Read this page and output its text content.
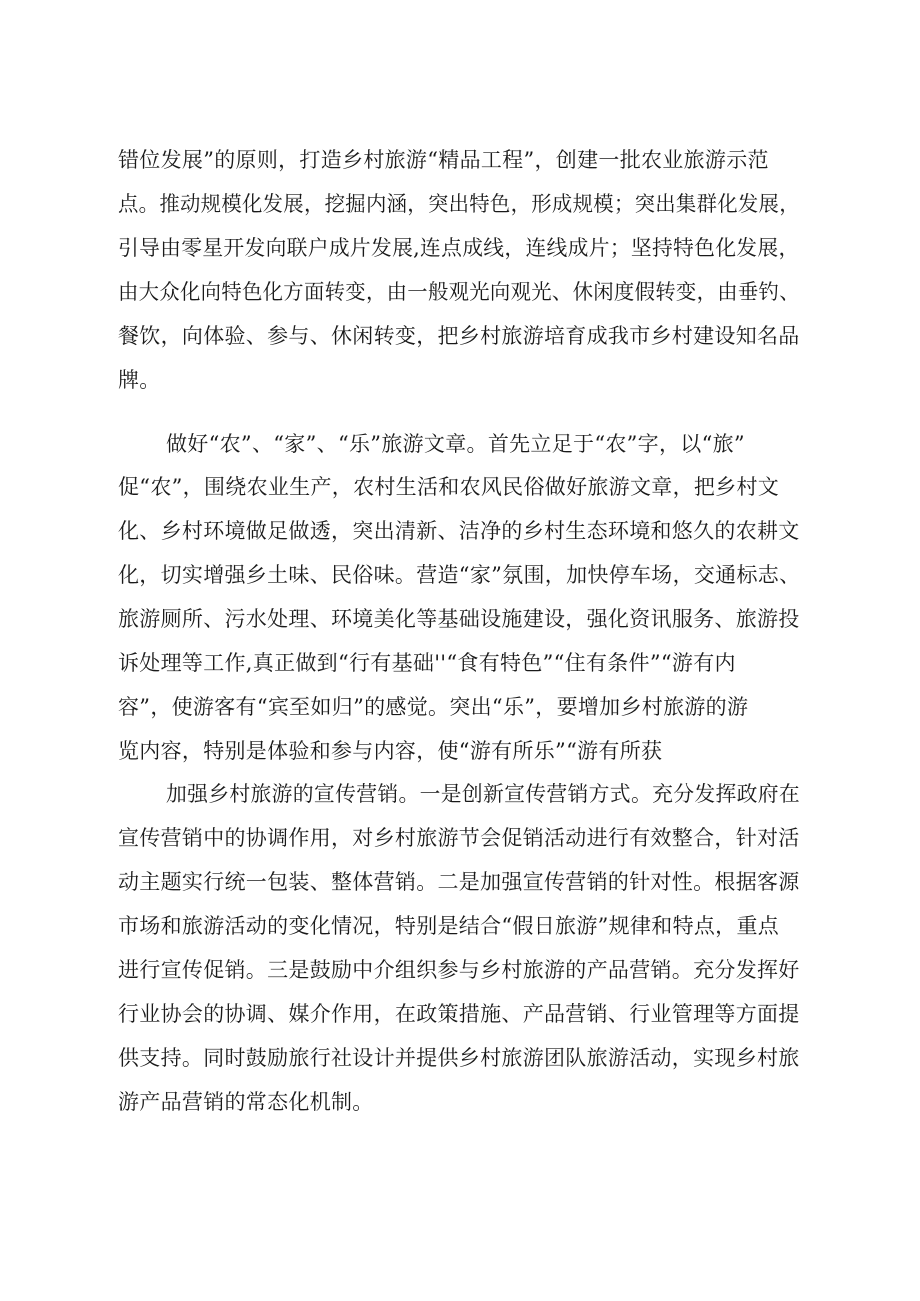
错位发展”的原则，打造乡村旅游“精品工程”，创建一批农业旅游示范
点。推动规模化发展，挖掘内涵，突出特色，形成规模；突出集群化发展，
引导由零星开发向联户成片发展,连点成线，连线成片；坚持特色化发展，
由大众化向特色化方面转变，由一般观光向观光、休闲度假转变，由垂钓、
餐饮，向体验、参与、休闲转变，把乡村旅游培育成我市乡村建设知名品
牌。
做好“农”、“家”、“乐”旅游文章。首先立足于“农”字，以“旅”
促“农”，围绕农业生产，农村生活和农风民俗做好旅游文章，把乡村文
化、乡村环境做足做透，突出清新、洁净的乡村生态环境和悠久的农耕文
化，切实增强乡土味、民俗味。营造“家”氛围，加快停车场，交通标志、
旅游厕所、污水处理、环境美化等基础设施建设，强化资讯服务、旅游投
诉处理等工作,真正做到“行有基础''“食有特色”“住有条件”“游有内
容”，使游客有“宾至如归”的感觉。突出“乐”，要增加乡村旅游的游
览内容，特别是体验和参与内容，使“游有所乐”“游有所获
加强乡村旅游的宣传营销。一是创新宣传营销方式。充分发挥政府在
宣传营销中的协调作用，对乡村旅游节会促销活动进行有效整合，针对活
动主题实行统一包装、整体营销。二是加强宣传营销的针对性。根据客源
市场和旅游活动的变化情况，特别是结合“假日旅游”规律和特点，重点
进行宣传促销。三是鼓励中介组织参与乡村旅游的产品营销。充分发挥好
行业协会的协调、媒介作用，在政策措施、产品营销、行业管理等方面提
供支持。同时鼓励旅行社设计并提供乡村旅游团队旅游活动，实现乡村旅
游产品营销的常态化机制。
